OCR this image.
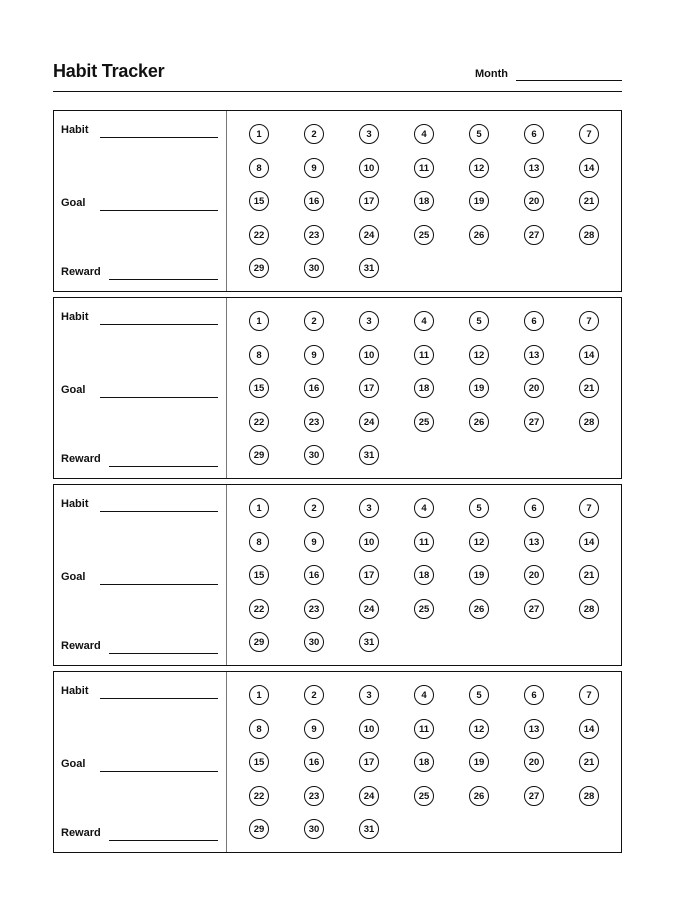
Habit Tracker	Month
Habit
Goal
Reward
1	2	3	4	5	6	7
8	9	10	11	12	13	14
15	16	17	18	19	20	21
22	23	24	25	26	27	28
29	30	31
Habit
Goal
Reward
1	2	3	4	5	6	7
8	9	10	11	12	13	14
15	16	17	18	19	20	21
22	23	24	25	26	27	28
29	30	31
Habit
Goal
Reward
1	2	3	4	5	6	7
8	9	10	11	12	13	14
15	16	17	18	19	20	21
22	23	24	25	26	27	28
29	30	31
Habit
Goal
Reward
1	2	3	4	5	6	7
8	9	10	11	12	13	14
15	16	17	18	19	20	21
22	23	24	25	26	27	28
29	30	31
